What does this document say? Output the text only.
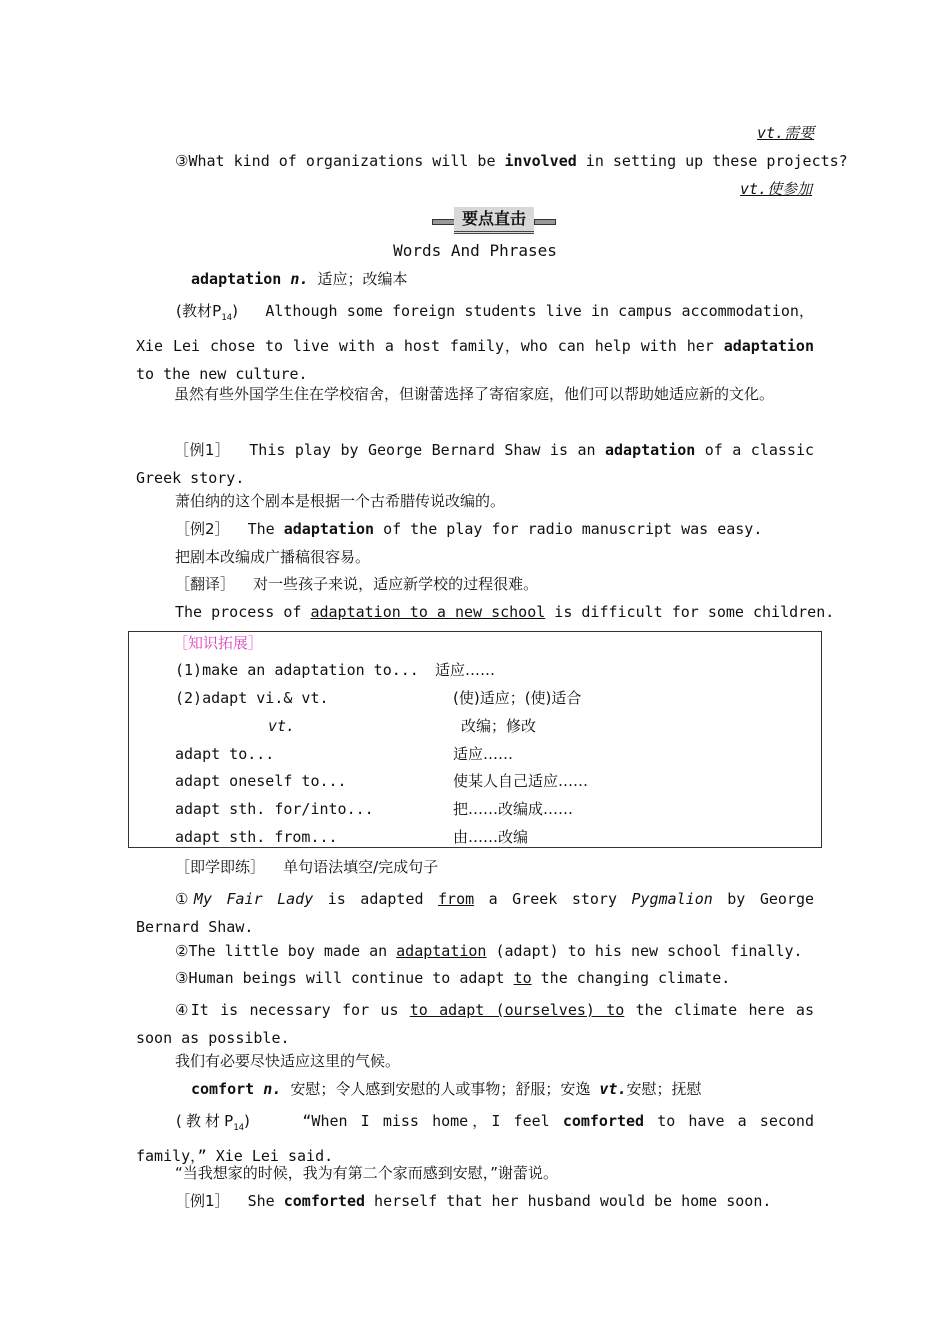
vt.需要
③What kind of organizations will be involved in setting up these projects?
vt.使参加
要点直击
Words And Phrases
adaptation n. 适应；改编本
(教材$P_{14}$) Although some foreign students live in campus accommodation，Xie Lei chose to live with a host family，who can help with her adaptation to the new culture.
虽然有些外国学生住在学校宿舍，但谢蕾选择了寄宿家庭，他们可以帮助她适应新的文化。
［例1］ This play by George Bernard Shaw is an adaptation of a classic Greek story.
萧伯纳的这个剧本是根据一个古希腊传说改编的。
［例2］ The adaptation of the play for radio manuscript was easy.
把剧本改编成广播稿很容易。
［翻译］ 对一些孩子来说，适应新学校的过程很难。
The process of adaptation to a new school is difficult for some children.
［知识拓展］
(1)make an adaptation to... 适应……
(2)adapt vi.& vt.	(使)适应；(使)适合
vt.	改编；修改
adapt to...	适应……
adapt oneself to...	使某人自己适应……
adapt sth. for/into...	把……改编成……
adapt sth. from...	由……改编
［即学即练］ 单句语法填空/完成句子
①My Fair Lady is adapted from a Greek story Pygmalion by George Bernard Shaw.
②The little boy made an adaptation (adapt) to his new school finally.
③Human beings will continue to adapt to the changing climate.
④It is necessary for us to adapt (ourselves) to the climate here as soon as possible.
我们有必要尽快适应这里的气候。
comfort n. 安慰；令人感到安慰的人或事物；舒服；安逸 vt.安慰；抚慰
(教材$P_{14}$)	“When I miss home，I feel comforted to have a second family，” Xie Lei said.
“当我想家的时候，我为有第二个家而感到安慰，”谢蕾说。
［例1］ She comforted herself that her husband would be home soon.
